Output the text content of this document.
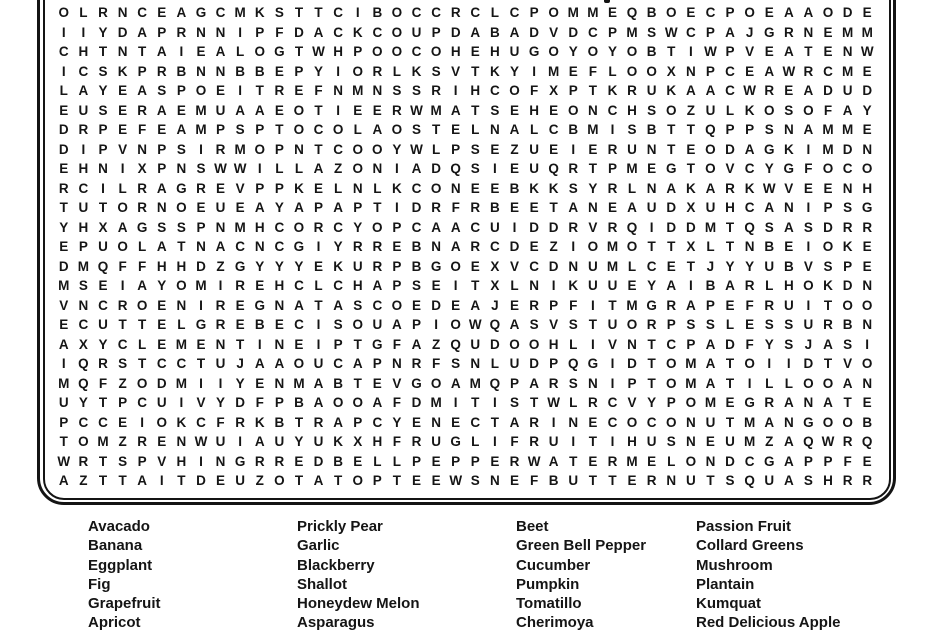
O L R N C E A G C M K S T T C I B O C C R C L C P O M M E Q B O E C P O E A A O D E
I	I Y D A P R N N I P F D A C K C O U P D A B A D V D C P M S W C P A J G R N E M M
C H T N T A I E A L O G T W H P O O C O H E H U G O Y O Y O B T	I W P V E A T E N W
I C S K P R B N N B B E P Y I O R L K S V T K Y I M E F L O O X N P C E A W R C M E
L A Y E A S P O E I	T R E F N M N S S R I H C O F X P T K R U K A A C W R E A D U D
E U S E R A E M U A A E O T	I E E R W M A T S E H E O N C H S O Z U L K O S O F A Y
D R P E F E A M P S P T O C O L A O S T E L N A L C B M I S B T T Q P P S N A M M E
D I P V N P S I R M O P N T C O O Y W L P S E Z U E I E R U N T E O D A G K I M D N
E H N I X P N S W W I	L L A Z O N I A D Q S I E U Q R T P M E G T O V C Y G F O C O
R C I	L R A G R E V P P K E L N L K C O N E E B K K S Y R L N A K A R K W V E E N H
T U T O R N O E U E A Y A P A P T	I D R F R B E E T A N E A U D X U H C A N I P S G
Y H X A G S S P N M H C O R C Y O P C A A C U I D D R V R Q I D D M T Q S A S D R R
E P U O L A T N A C N C G I Y R R E B N A R C D E Z	I O M O T T X L T N B E I O K E
D M Q F F H H D Z G Y Y Y E K U R P B G O E X V C D N U M L C E T J Y Y U B V S P E
M S E I A Y O M I R E H C L C H A P S E I	T X L N I K U U E Y A I B A R L H O K D N
V N C R O E N I R E G N A T A S C O E D E A J E R P F	I	T M G R A P E F R U I	T O O
E C U T T E L G R E B E C I S O U A P I O W Q A S V S T U O R P S S L E S S U R B N
A X Y C L E M E N T	I N E I P T G F A Z Q U D O O H L	I V N T C P A D F Y S J A S I
I Q R S T C C T U J A A O U C A P N R F S N L U D P Q G I D T O M A T O I	I D T V O
M Q F Z O D M I	I Y E N M A B T E V G O A M Q P A R S N I P T O M A T	I	L L O O A N
U Y T P C U I V Y D F P B A O O A F D M I	T	I S T W L R C V Y P O M E G R A N A T E
P C C E I O K C F R K B T R A P C Y E N E C T A R I N E C O C O N U T M A N G O O B
T O M Z R E N W U I A U Y U K X H F R U G L	I	F R U I	T	I H U S N E U M Z A Q W R Q
W R T S P V H I N G R R E D B E L L P E P P E R W A T E R M E L O N D C G A P P F E
A Z T T A I	T D E U Z O T A T O P T E E W S N E F B U T T E R N U T S Q U A S H R R
Avacado
Banana
Eggplant
Fig
Grapefruit
Apricot
Prickly Pear
Garlic
Blackberry
Shallot
Honeydew Melon
Asparagus
Beet
Green Bell Pepper
Cucumber
Pumpkin
Tomatillo
Cherimoya
Passion Fruit
Collard Greens
Mushroom
Plantain
Kumquat
Red Delicious Apple
